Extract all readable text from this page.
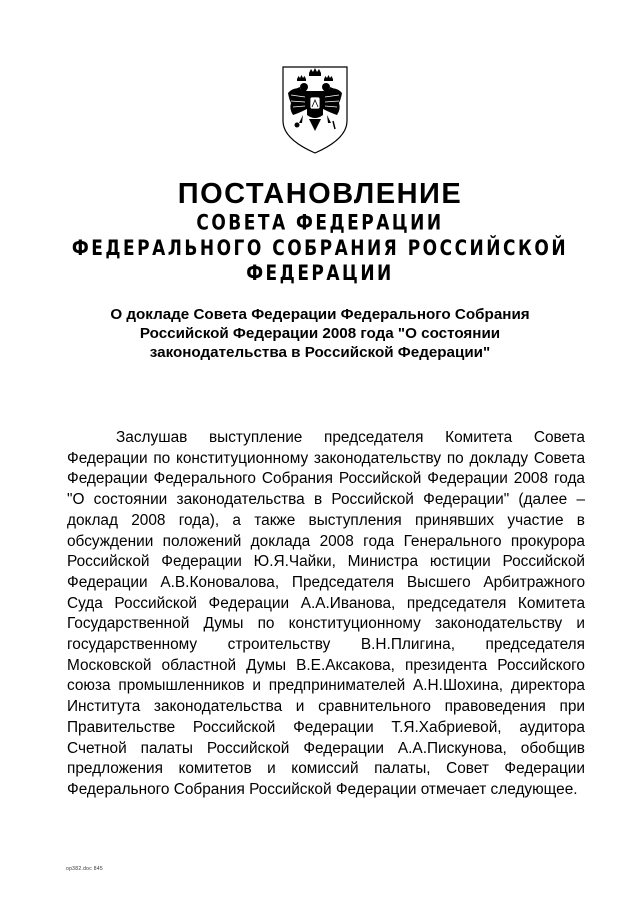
ПОСТАНОВЛЕНИЕ
СОВЕТА ФЕДЕРАЦИИ
ФЕДЕРАЛЬНОГО СОБРАНИЯ РОССИЙСКОЙ ФЕДЕРАЦИИ
О докладе Совета Федерации Федерального Собрания Российской Федерации 2008 года "О состоянии законодательства в Российской Федерации"

Заслушав выступление председателя Комитета Совета Федерации по конституционному законодательству по докладу Совета Федерации Федерального Собрания Российской Федерации 2008 года "О состоянии законодательства в Российской Федерации" (далее – доклад 2008 года), а также выступления принявших участие в обсуждении положений доклада 2008 года Генерального прокурора Российской Федерации Ю.Я.Чайки, Министра юстиции Российской Федерации А.В.Коновалова, Председателя Высшего Арбитражного Суда Российской Федерации А.А.Иванова, председателя Комитета Государственной Думы по конституционному законодательству и государственному строительству В.Н.Плигина, председателя Московской областной Думы В.Е.Аксакова, президента Российского союза промышленников и предпринимателей А.Н.Шохина, директора Института законодательства и сравнительного правоведения при Правительстве Российской Федерации Т.Я.Хабриевой, аудитора Счетной палаты Российской Федерации А.А.Пискунова, обобщив предложения комитетов и комиссий палаты, Совет Федерации Федерального Собрания Российской Федерации отмечает следующее.

op382.doc 845
